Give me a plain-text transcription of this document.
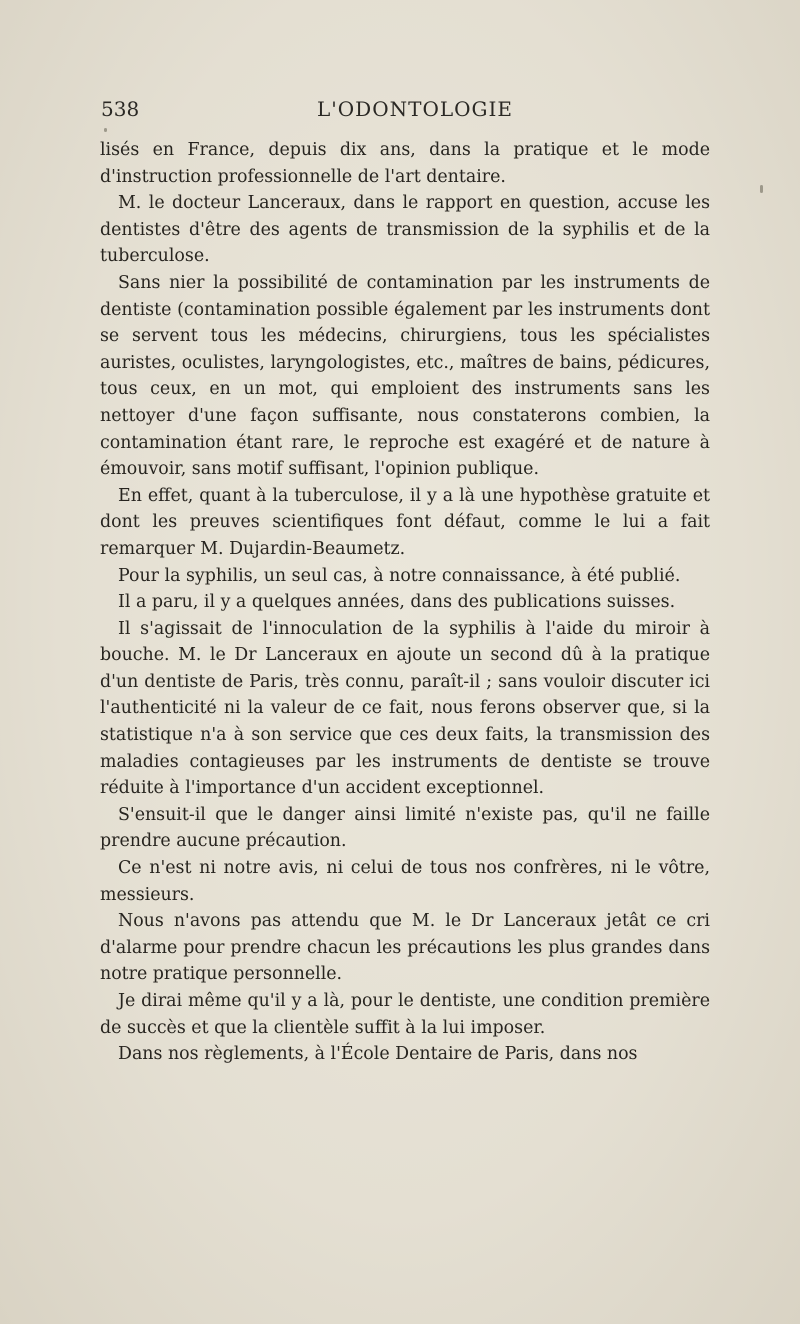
538	L'ODONTOLOGIE

lisés en France, depuis dix ans, dans la pratique et le mode d'instruction professionnelle de l'art dentaire.

M. le docteur Lanceraux, dans le rapport en question, accuse les dentistes d'être des agents de transmission de la syphilis et de la tuberculose.

Sans nier la possibilité de contamination par les instruments de dentiste (contamination possible également par les instruments dont se servent tous les médecins, chirurgiens, tous les spécialistes auristes, oculistes, laryngologistes, etc., maîtres de bains, pédicures, tous ceux, en un mot, qui emploient des instruments sans les nettoyer d'une façon suffisante, nous constaterons combien, la contamination étant rare, le reproche est exagéré et de nature à émouvoir, sans motif suffisant, l'opinion publique.

En effet, quant à la tuberculose, il y a là une hypothèse gratuite et dont les preuves scientifiques font défaut, comme le lui a fait remarquer M. Dujardin-Beaumetz.

Pour la syphilis, un seul cas, à notre connaissance, à été publié.

Il a paru, il y a quelques années, dans des publications suisses.

Il s'agissait de l'innoculation de la syphilis à l'aide du miroir à bouche. M. le Dr Lanceraux en ajoute un second dû à la pratique d'un dentiste de Paris, très connu, paraît-il ; sans vouloir discuter ici l'authenticité ni la valeur de ce fait, nous ferons observer que, si la statistique n'a à son service que ces deux faits, la transmission des maladies contagieuses par les instruments de dentiste se trouve réduite à l'importance d'un accident exceptionnel.

S'ensuit-il que le danger ainsi limité n'existe pas, qu'il ne faille prendre aucune précaution.

Ce n'est ni notre avis, ni celui de tous nos confrères, ni le vôtre, messieurs.

Nous n'avons pas attendu que M. le Dr Lanceraux jetât ce cri d'alarme pour prendre chacun les précautions les plus grandes dans notre pratique personnelle.

Je dirai même qu'il y a là, pour le dentiste, une condition première de succès et que la clientèle suffit à la lui imposer.

Dans nos règlements, à l'École Dentaire de Paris, dans nos
